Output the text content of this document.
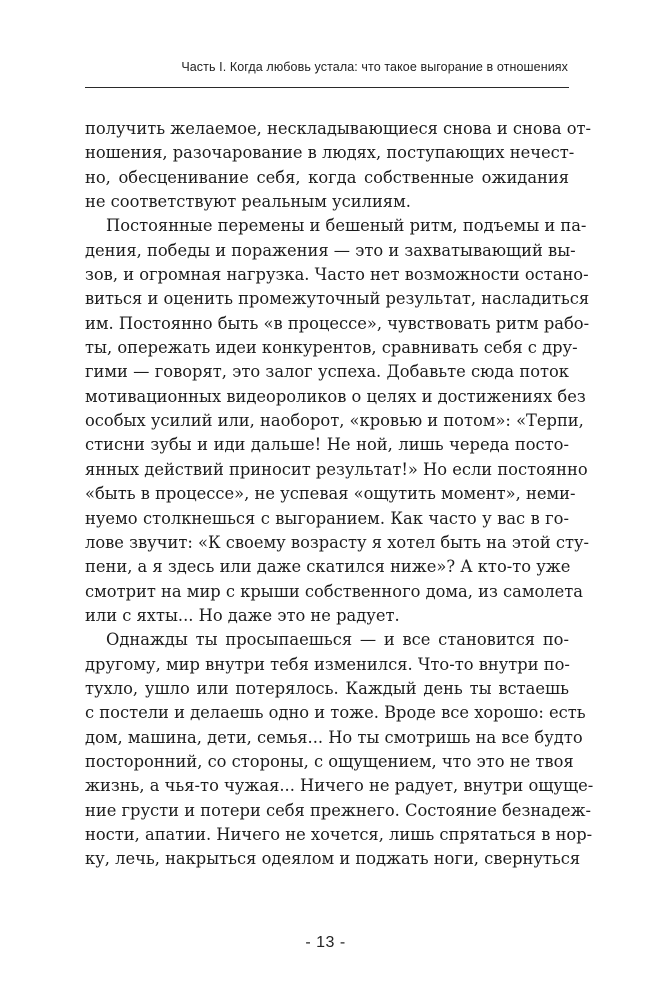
Часть I. Когда любовь устала: что такое выгорание в отношениях
получить желаемое, нескладывающиеся снова и снова от-
ношения, разочарование в людях, поступающих нечест-
но, обесценивание себя, когда собственные ожидания
не соответствуют реальным усилиям.
Постоянные перемены и бешеный ритм, подъемы и па-
дения, победы и поражения — это и захватывающий вы-
зов, и огромная нагрузка. Часто нет возможности остано-
виться и оценить промежуточный результат, насладиться
им. Постоянно быть «в процессе», чувствовать ритм рабо-
ты, опережать идеи конкурентов, сравнивать себя с дру-
гими — говорят, это залог успеха. Добавьте сюда поток
мотивационных видеороликов о целях и достижениях без
особых усилий или, наоборот, «кровью и потом»: «Терпи,
стисни зубы и иди дальше! Не ной, лишь череда посто-
янных действий приносит результат!» Но если постоянно
«быть в процессе», не успевая «ощутить момент», неми-
нуемо столкнешься с выгоранием. Как часто у вас в го-
лове звучит: «К своему возрасту я хотел быть на этой сту-
пени, а я здесь или даже скатился ниже»? А кто-то уже
смотрит на мир с крыши собственного дома, из самолета
или с яхты... Но даже это не радует.
Однажды ты просыпаешься — и все становится по-
другому, мир внутри тебя изменился. Что-то внутри по-
тухло, ушло или потерялось. Каждый день ты встаешь
с постели и делаешь одно и тоже. Вроде все хорошо: есть
дом, машина, дети, семья... Но ты смотришь на все будто
посторонний, со стороны, с ощущением, что это не твоя
жизнь, а чья-то чужая... Ничего не радует, внутри ощуще-
ние грусти и потери себя прежнего. Состояние безнадеж-
ности, апатии. Ничего не хочется, лишь спрятаться в нор-
ку, лечь, накрыться одеялом и поджать ноги, свернуться
- 13 -
